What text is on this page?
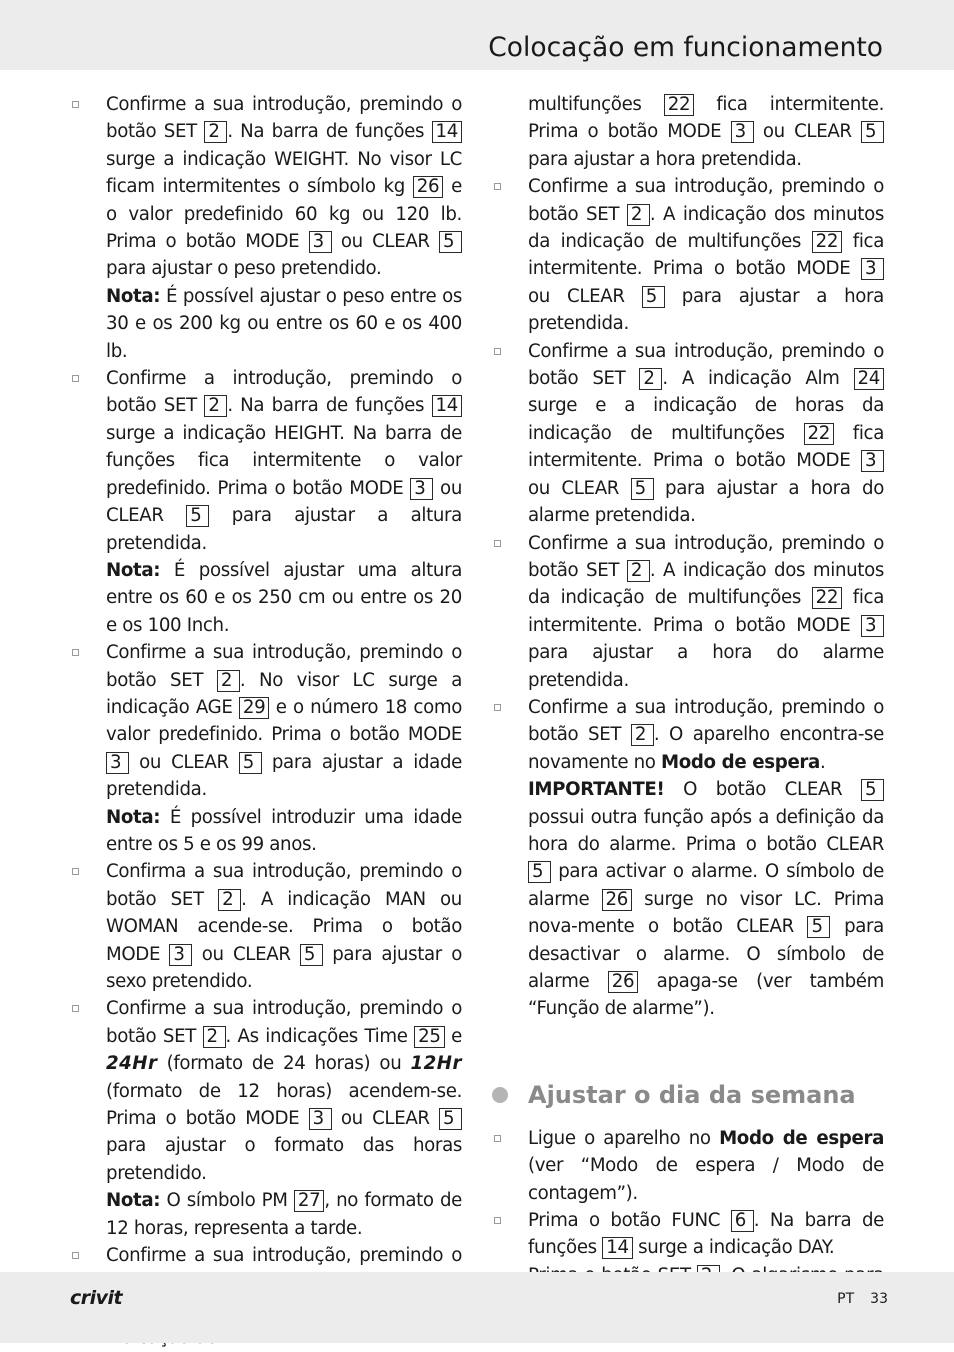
Colocação em funcionamento

Confirme a sua introdução, premindo o botão SET 2 . Na barra de funções 14 surge a indicação WEIGHT. No visor LC ficam intermitentes o símbolo kg 26 e o valor predefinido 60 kg ou 120 lb. Prima o botão MODE 3 ou CLEAR 5 para ajustar o peso pretendido.

Nota: É possível ajustar o peso entre os 30 e os 200 kg ou entre os 60 e os 400 lb.

Confirme a introdução, premindo o botão SET 2 . Na barra de funções 14 surge a indicação HEIGHT. Na barra de funções fica intermitente o valor predefinido. Prima o botão MODE 3 ou CLEAR 5 para ajustar a altura pretendida.

Nota: É possível ajustar uma altura entre os 60 e os 250 cm ou entre os 20 e os 100 Inch.

Confirme a sua introdução, premindo o botão SET 2 . No visor LC surge a indicação AGE 29 e o número 18 como valor predefinido. Prima o botão MODE 3 ou CLEAR 5 para ajustar a idade pretendida.

Nota: É possível introduzir uma idade entre os 5 e os 99 anos.

Confirma a sua introdução, premindo o botão SET 2 . A indicação MAN ou WOMAN acende-se. Prima o botão MODE 3 ou CLEAR 5 para ajustar o sexo pretendido.

Confirme a sua introdução, premindo o botão SET 2 . As indicações Time 25 e 24Hr (formato de 24 horas) ou 12Hr (formato de 12 horas) acendem-se. Prima o botão MODE 3 ou CLEAR 5 para ajustar o formato das horas pretendido.

Nota: O símbolo PM 27 , no formato de 12 horas, representa a tarde.

Confirme a sua introdução, premindo o

multifunções 22 fica intermitente. Prima o botão MODE 3 ou CLEAR 5 para ajustar a hora pretendida.

Confirme a sua introdução, premindo o botão SET 2 . A indicação dos minutos da indicação de multifunções 22 fica intermitente. Prima o botão MODE 3 ou CLEAR 5 para ajustar a hora pretendida.

Confirme a sua introdução, premindo o botão SET 2 . A indicação Alm 24 surge e a indicação de horas da indicação de multifunções 22 fica intermitente. Prima o botão MODE 3 ou CLEAR 5 para ajustar a hora do alarme pretendida.

Confirme a sua introdução, premindo o botão SET 2 . A indicação dos minutos da indicação de multifunções 22 fica intermitente. Prima o botão MODE 3 para ajustar a hora do alarme pretendida.

Confirme a sua introdução, premindo o botão SET 2 . O aparelho encontra-se novamente no Modo de espera.

IMPORTANTE! O botão CLEAR 5 possui outra função após a definição da hora do alarme. Prima o botão CLEAR 5 para activar o alarme. O símbolo de alarme 26 surge no visor LC. Prima nova-mente o botão CLEAR 5 para desactivar o alarme. O símbolo de alarme 26 apaga-se (ver também “Função de alarme”).

Ajustar o dia da semana

Ligue o aparelho no Modo de espera (ver “Modo de espera / Modo de contagem”).

Prima o botão FUNC 6 . Na barra de funções 14 surge a indicação DAY.

crivit	PT 33
